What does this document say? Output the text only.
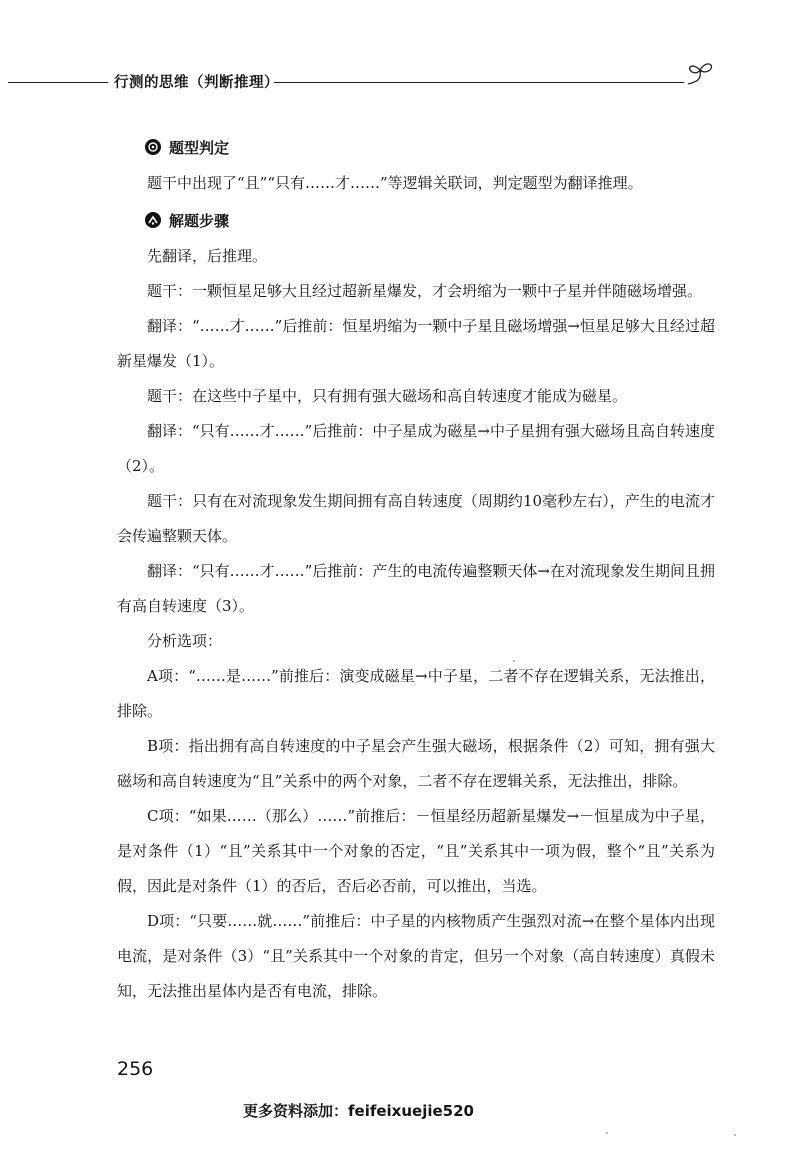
行测的思维（判断推理）
题型判定

题干中出现了“且”“只有……才……”等逻辑关联词，判定题型为翻译推理。

解题步骤

先翻译，后推理。

题干：一颗恒星足够大且经过超新星爆发，才会坍缩为一颗中子星并伴随磁场增强。

翻译：“……才……”后推前：恒星坍缩为一颗中子星且磁场增强→恒星足够大且经过超新星爆发（1）。

题干：在这些中子星中，只有拥有强大磁场和高自转速度才能成为磁星。

翻译：“只有……才……”后推前：中子星成为磁星→中子星拥有强大磁场且高自转速度（2）。

题干：只有在对流现象发生期间拥有高自转速度（周期约10毫秒左右），产生的电流才会传遍整颗天体。

翻译：“只有……才……”后推前：产生的电流传遍整颗天体→在对流现象发生期间且拥有高自转速度（3）。

分析选项：

A项：“……是……”前推后：演变成磁星→中子星，二者不存在逻辑关系，无法推出，排除。

B项：指出拥有高自转速度的中子星会产生强大磁场，根据条件（2）可知，拥有强大磁场和高自转速度为“且”关系中的两个对象，二者不存在逻辑关系，无法推出，排除。

C项：“如果……（那么）……”前推后：－恒星经历超新星爆发→－恒星成为中子星，是对条件（1）“且”关系其中一个对象的否定，“且”关系其中一项为假，整个“且”关系为假，因此是对条件（1）的否后，否后必否前，可以推出，当选。

D项：“只要……就……”前推后：中子星的内核物质产生强烈对流→在整个星体内出现电流，是对条件（3）“且”关系其中一个对象的肯定，但另一个对象（高自转速度）真假未知，无法推出星体内是否有电流，排除。

256
更多资料添加：feifeixuejie520
